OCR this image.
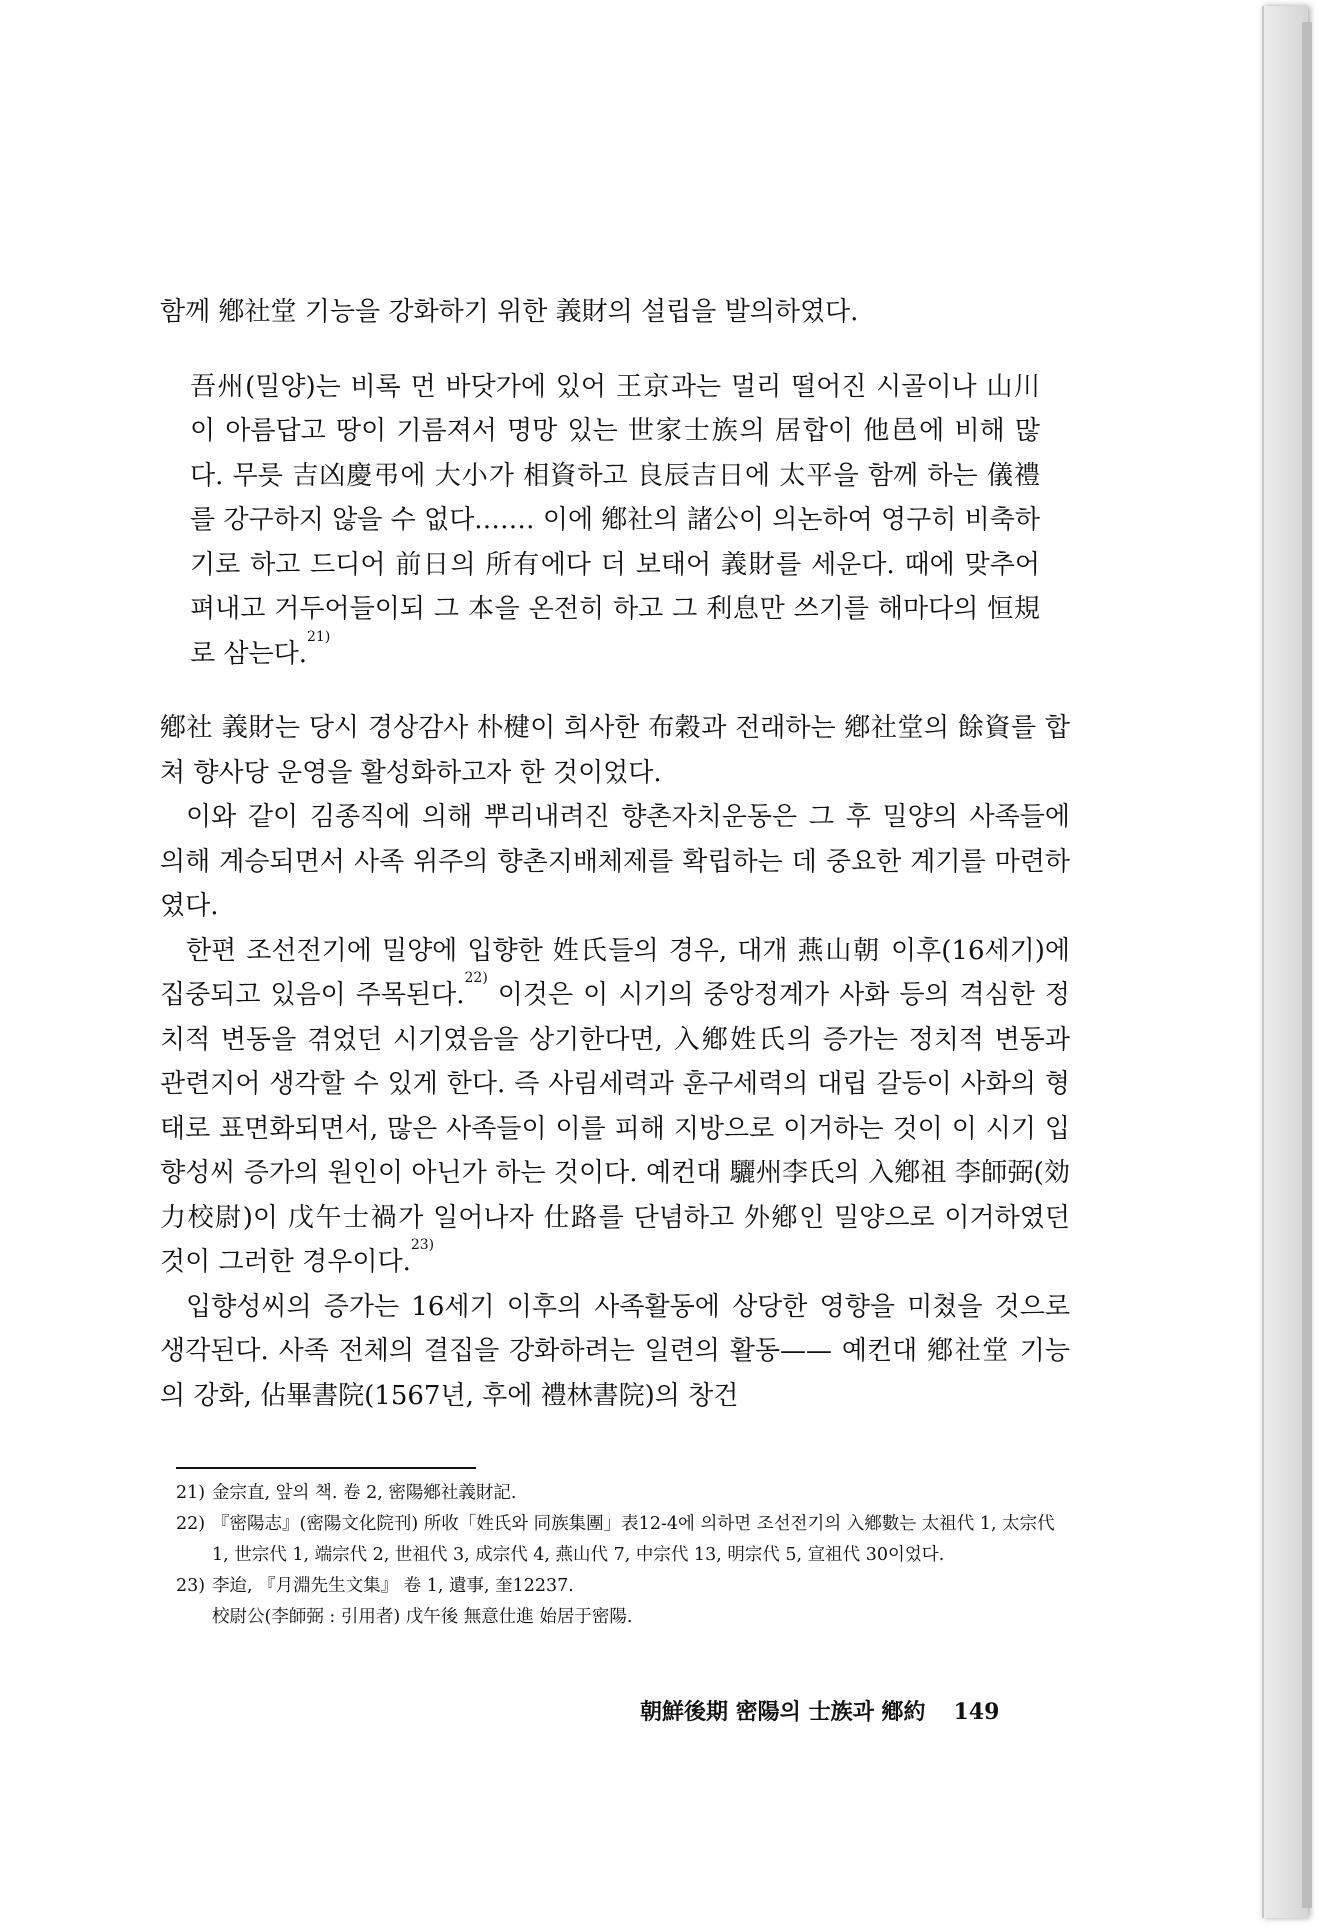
함께 鄕社堂 기능을 강화하기 위한 義財의 설립을 발의하였다.

吾州(밀양)는 비록 먼 바닷가에 있어 王京과는 멀리 떨어진 시골이나 山川이 아름답고 땅이 기름져서 명망 있는 世家士族의 居합이 他邑에 비해 많다. 무릇 吉凶慶弔에 大小가 相資하고 良辰吉日에 太平을 함께 하는 儀禮를 강구하지 않을 수 없다.…… 이에 鄕社의 諸公이 의논하여 영구히 비축하기로 하고 드디어 前日의 所有에다 더 보태어 義財를 세운다. 때에 맞추어 펴내고 거두어들이되 그 本을 온전히 하고 그 利息만 쓰기를 해마다의 恒規로 삼는다.$^{21)}$

鄕社 義財는 당시 경상감사 朴楗이 희사한 布穀과 전래하는 鄕社堂의 餘資를 합쳐 향사당 운영을 활성화하고자 한 것이었다.

이와 같이 김종직에 의해 뿌리내려진 향촌자치운동은 그 후 밀양의 사족들에 의해 계승되면서 사족 위주의 향촌지배체제를 확립하는 데 중요한 계기를 마련하였다.

한편 조선전기에 밀양에 입향한 姓氏들의 경우, 대개 燕山朝 이후(16세기)에 집중되고 있음이 주목된다.$^{22)}$ 이것은 이 시기의 중앙정계가 사화 등의 격심한 정치적 변동을 겪었던 시기였음을 상기한다면, 入鄕姓氏의 증가는 정치적 변동과 관련지어 생각할 수 있게 한다. 즉 사림세력과 훈구세력의 대립 갈등이 사화의 형태로 표면화되면서, 많은 사족들이 이를 피해 지방으로 이거하는 것이 이 시기 입향성씨 증가의 원인이 아닌가 하는 것이다. 예컨대 驪州李氏의 入鄕祖 李師弼(効力校尉)이 戊午士禍가 일어나자 仕路를 단념하고 外鄕인 밀양으로 이거하였던 것이 그러한 경우이다.$^{23)}$

입향성씨의 증가는 16세기 이후의 사족활동에 상당한 영향을 미쳤을 것으로 생각된다. 사족 전체의 결집을 강화하려는 일련의 활동—— 예컨대 鄕社堂 기능의 강화, 佔畢書院(1567년, 후에 禮林書院)의 창건

21) 金宗直, 앞의 책. 卷 2, 密陽鄕社義財記.
22) 『密陽志』(密陽文化院刊) 所收「姓氏와 同族集團」表12-4에 의하면 조선전기의 入鄕數는 太祖代 1, 太宗代 1, 世宗代 1, 端宗代 2, 世祖代 3, 成宗代 4, 燕山代 7, 中宗代 13, 明宗代 5, 宣祖代 30이었다.
23) 李迨, 『月淵先生文集』 卷 1, 遺事, 奎12237.
校尉公(李師弼 : 引用者) 戊午後 無意仕進 始居于密陽.
朝鮮後期 密陽의 士族과 鄕約 149
